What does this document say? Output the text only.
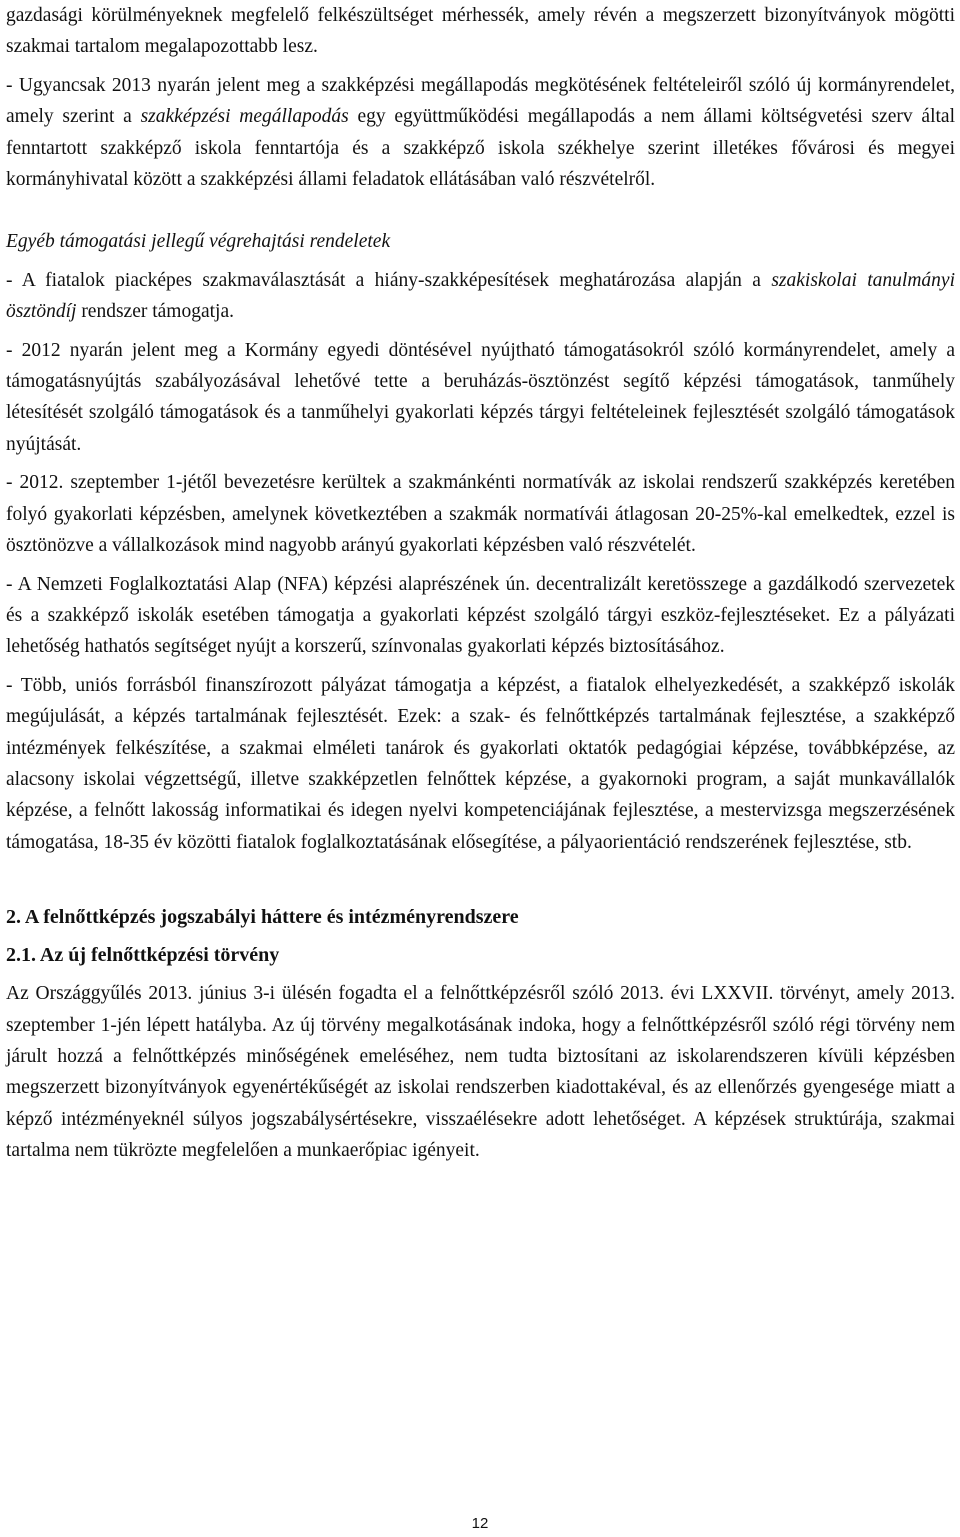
gazdasági körülményeknek megfelelő felkészültséget mérhessék, amely révén a megszerzett bizonyítványok mögötti szakmai tartalom megalapozottabb lesz.

- Ugyancsak 2013 nyarán jelent meg a szakképzési megállapodás megkötésének feltételeiről szóló új kormányrendelet, amely szerint a szakképzési megállapodás egy együttműködési megállapodás a nem állami költségvetési szerv által fenntartott szakképző iskola fenntartója és a szakképző iskola székhelye szerint illetékes fővárosi és megyei kormányhivatal között a szakképzési állami feladatok ellátásában való részvételről.

Egyéb támogatási jellegű végrehajtási rendeletek

- A fiatalok piacképes szakmaválasztását a hiány-szakképesítések meghatározása alapján a szakiskolai tanulmányi ösztöndíj rendszer támogatja.

- 2012 nyarán jelent meg a Kormány egyedi döntésével nyújtható támogatásokról szóló kormányrendelet, amely a támogatásnyújtás szabályozásával lehetővé tette a beruházás-ösztönzést segítő képzési támogatások, tanműhely létesítését szolgáló támogatások és a tanműhelyi gyakorlati képzés tárgyi feltételeinek fejlesztését szolgáló támogatások nyújtását.

- 2012. szeptember 1-jétől bevezetésre kerültek a szakmánkénti normatívák az iskolai rendszerű szakképzés keretében folyó gyakorlati képzésben, amelynek következtében a szakmák normatívái átlagosan 20-25%-kal emelkedtek, ezzel is ösztönözve a vállalkozások mind nagyobb arányú gyakorlati képzésben való részvételét.

- A Nemzeti Foglalkoztatási Alap (NFA) képzési alaprészének ún. decentralizált keretösszege a gazdálkodó szervezetek és a szakképző iskolák esetében támogatja a gyakorlati képzést szolgáló tárgyi eszköz-fejlesztéseket. Ez a pályázati lehetőség hathatós segítséget nyújt a korszerű, színvonalas gyakorlati képzés biztosításához.

- Több, uniós forrásból finanszírozott pályázat támogatja a képzést, a fiatalok elhelyezkedését, a szakképző iskolák megújulását, a képzés tartalmának fejlesztését. Ezek: a szak- és felnőttképzés tartalmának fejlesztése, a szakképző intézmények felkészítése, a szakmai elméleti tanárok és gyakorlati oktatók pedagógiai képzése, továbbképzése, az alacsony iskolai végzettségű, illetve szakképzetlen felnőttek képzése, a gyakornoki program, a saját munkavállalók képzése, a felnőtt lakosság informatikai és idegen nyelvi kompetenciájának fejlesztése, a mestervizsga megszerzésének támogatása, 18-35 év közötti fiatalok foglalkoztatásának elősegítése, a pályaorientáció rendszerének fejlesztése, stb.

2. A felnőttképzés jogszabályi háttere és intézményrendszere
2.1. Az új felnőttképzési törvény

Az Országgyűlés 2013. június 3-i ülésén fogadta el a felnőttképzésről szóló 2013. évi LXXVII. törvényt, amely 2013. szeptember 1-jén lépett hatályba. Az új törvény megalkotásának indoka, hogy a felnőttképzésről szóló régi törvény nem járult hozzá a felnőttképzés minőségének emeléséhez, nem tudta biztosítani az iskolarendszeren kívüli képzésben megszerzett bizonyítványok egyenértékűségét az iskolai rendszerben kiadottakéval, és az ellenőrzés gyengesége miatt a képző intézményeknél súlyos jogszabálysértésekre, visszaélésekre adott lehetőséget. A képzések struktúrája, szakmai tartalma nem tükrözte megfelelően a munkaerőpiac igényeit.

12
